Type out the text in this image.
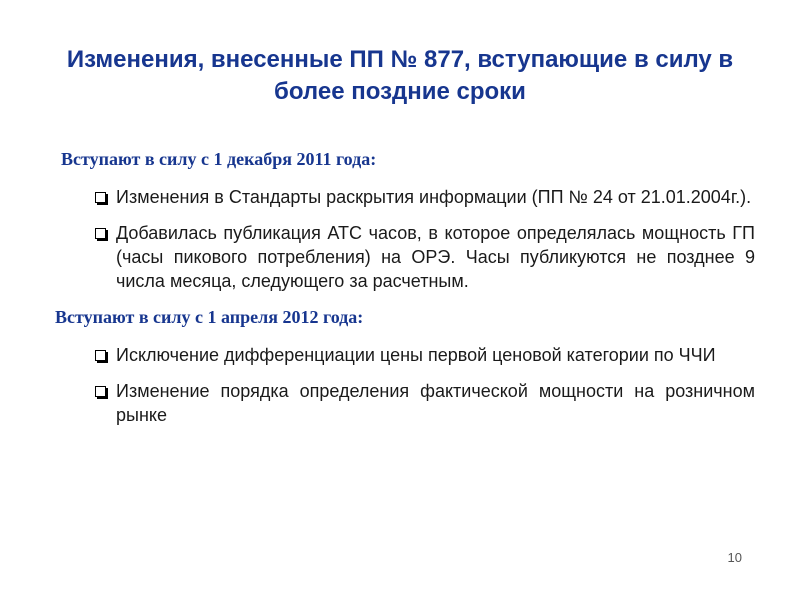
Изменения, внесенные ПП № 877, вступающие в силу в более поздние сроки
Вступают в силу с 1 декабря 2011 года:
Изменения в Стандарты раскрытия информации (ПП № 24 от 21.01.2004г.).
Добавилась публикация АТС часов, в которое определялась мощность ГП (часы пикового потребления) на ОРЭ. Часы публикуются не позднее 9 числа месяца, следующего за расчетным.
Вступают в силу с 1 апреля 2012 года:
Исключение дифференциации цены первой ценовой категории по ЧЧИ
Изменение порядка определения фактической мощности на розничном рынке
10
